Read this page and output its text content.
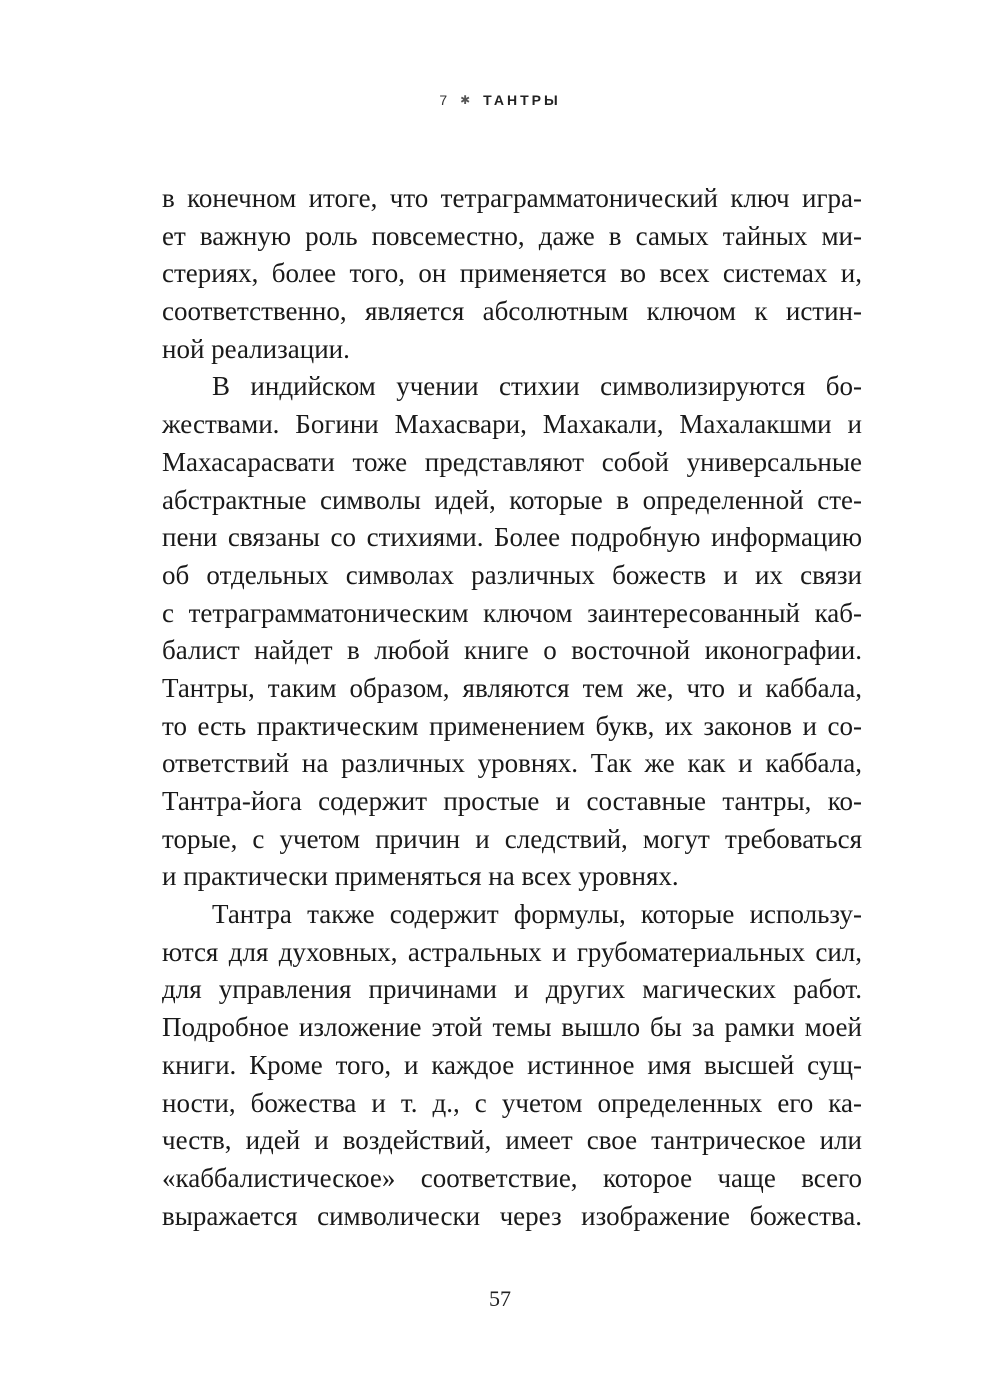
7 ✱ ТАНТРЫ

в конечном итоге, что тетраграмматонический ключ игра-
ет важную роль повсеместно, даже в самых тайных ми-
стериях, более того, он применяется во всех системах и,
соответственно, является абсолютным ключом к истин-
ной реализации.

В индийском учении стихии символизируются бо-
жествами. Богини Махасвари, Махакали, Махалакшми и
Махасарасвати тоже представляют собой универсальные
абстрактные символы идей, которые в определенной сте-
пени связаны со стихиями. Более подробную информацию
об отдельных символах различных божеств и их связи
с тетраграмматоническим ключом заинтересованный каб-
балист найдет в любой книге о восточной иконографии.
Тантры, таким образом, являются тем же, что и каббала,
то есть практическим применением букв, их законов и со-
ответствий на различных уровнях. Так же как и каббала,
Тантра-йога содержит простые и составные тантры, ко-
торые, с учетом причин и следствий, могут требоваться
и практически применяться на всех уровнях.

Тантра также содержит формулы, которые использу-
ются для духовных, астральных и грубоматериальных сил,
для управления причинами и других магических работ.
Подробное изложение этой темы вышло бы за рамки моей
книги. Кроме того, и каждое истинное имя высшей сущ-
ности, божества и т. д., с учетом определенных его ка-
честв, идей и воздействий, имеет свое тантрическое или
«каббалистическое» соответствие, которое чаще всего
выражается символически через изображение божества.

57
